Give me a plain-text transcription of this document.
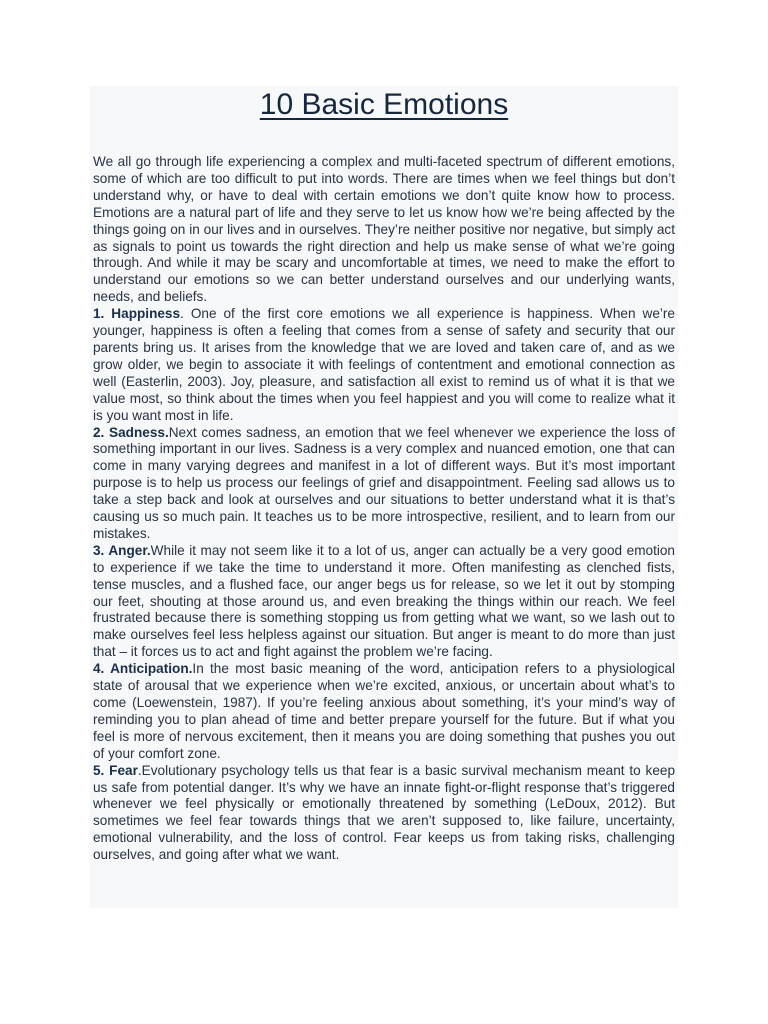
10 Basic Emotions

We all go through life experiencing a complex and multi-faceted spectrum of different emotions, some of which are too difficult to put into words. There are times when we feel things but don’t understand why, or have to deal with certain emotions we don’t quite know how to process. Emotions are a natural part of life and they serve to let us know how we’re being affected by the things going on in our lives and in ourselves. They’re neither positive nor negative, but simply act as signals to point us towards the right direction and help us make sense of what we’re going through. And while it may be scary and uncomfortable at times, we need to make the effort to understand our emotions so we can better understand ourselves and our underlying wants, needs, and beliefs.

1. Happiness. One of the first core emotions we all experience is happiness. When we’re younger, happiness is often a feeling that comes from a sense of safety and security that our parents bring us. It arises from the knowledge that we are loved and taken care of, and as we grow older, we begin to associate it with feelings of contentment and emotional connection as well (Easterlin, 2003). Joy, pleasure, and satisfaction all exist to remind us of what it is that we value most, so think about the times when you feel happiest and you will come to realize what it is you want most in life.

2. Sadness.Next comes sadness, an emotion that we feel whenever we experience the loss of something important in our lives. Sadness is a very complex and nuanced emotion, one that can come in many varying degrees and manifest in a lot of different ways. But it’s most important purpose is to help us process our feelings of grief and disappointment. Feeling sad allows us to take a step back and look at ourselves and our situations to better understand what it is that’s causing us so much pain. It teaches us to be more introspective, resilient, and to learn from our mistakes.

3. Anger.While it may not seem like it to a lot of us, anger can actually be a very good emotion to experience if we take the time to understand it more. Often manifesting as clenched fists, tense muscles, and a flushed face, our anger begs us for release, so we let it out by stomping our feet, shouting at those around us, and even breaking the things within our reach. We feel frustrated because there is something stopping us from getting what we want, so we lash out to make ourselves feel less helpless against our situation. But anger is meant to do more than just that – it forces us to act and fight against the problem we’re facing.

4. Anticipation.In the most basic meaning of the word, anticipation refers to a physiological state of arousal that we experience when we’re excited, anxious, or uncertain about what’s to come (Loewenstein, 1987). If you’re feeling anxious about something, it’s your mind’s way of reminding you to plan ahead of time and better prepare yourself for the future. But if what you feel is more of nervous excitement, then it means you are doing something that pushes you out of your comfort zone.

5. Fear.Evolutionary psychology tells us that fear is a basic survival mechanism meant to keep us safe from potential danger. It’s why we have an innate fight-or-flight response that’s triggered whenever we feel physically or emotionally threatened by something (LeDoux, 2012). But sometimes we feel fear towards things that we aren’t supposed to, like failure, uncertainty, emotional vulnerability, and the loss of control. Fear keeps us from taking risks, challenging ourselves, and going after what we want.
